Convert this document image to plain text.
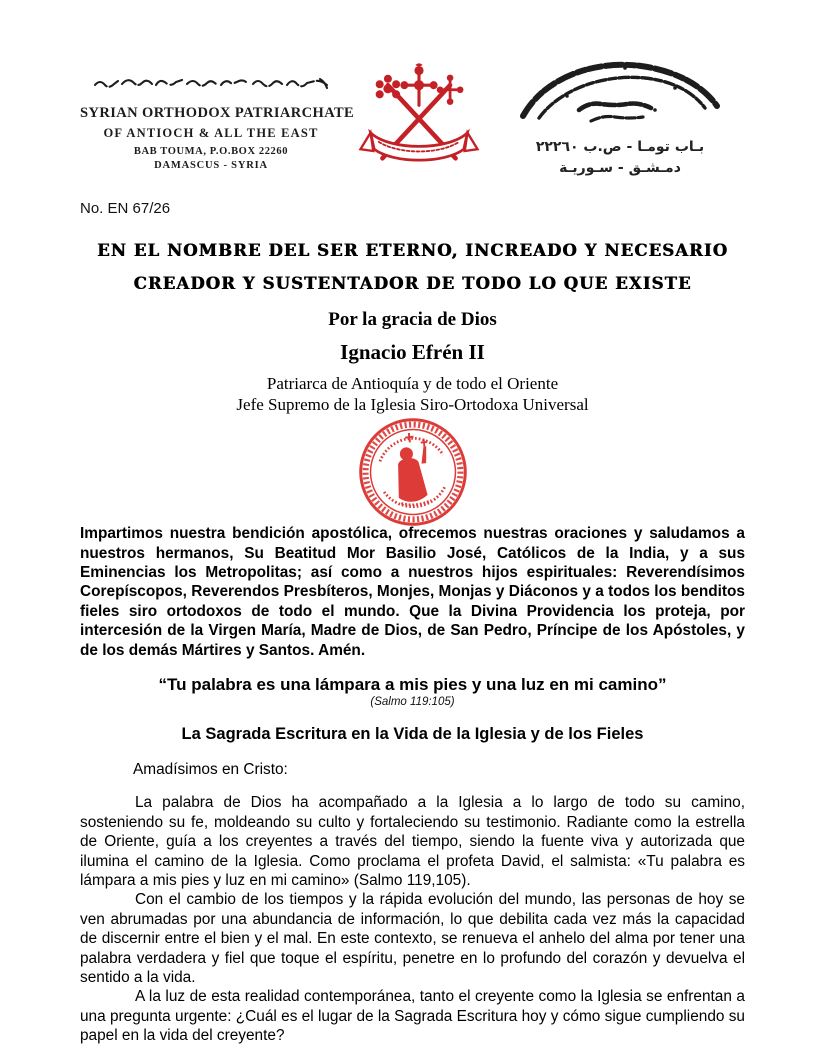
SYRIAN ORTHODOX PATRIARCHATE
OF ANTIOCH & ALL THE EAST
BAB TOUMA, P.O.BOX 22260
DAMASCUS - SYRIA
بـاب تومـا - ص.ب ٢٢٢٦٠
دمـشـق - سـوريـة
No. EN 67/26
EN EL NOMBRE DEL SER ETERNO, INCREADO Y NECESARIO
CREADOR Y SUSTENTADOR DE TODO LO QUE EXISTE
Por la gracia de Dios
Ignacio Efrén II
Patriarca de Antioquía y de todo el Oriente
Jefe Supremo de la Iglesia Siro-Ortodoxa Universal

Impartimos nuestra bendición apostólica, ofrecemos nuestras oraciones y saludamos a nuestros hermanos, Su Beatitud Mor Basilio José, Católicos de la India, y a sus Eminencias los Metropolitas; así como a nuestros hijos espirituales: Reverendísimos Corepíscopos, Reverendos Presbíteros, Monjes, Monjas y Diáconos y a todos los benditos fieles siro ortodoxos de todo el mundo. Que la Divina Providencia los proteja, por intercesión de la Virgen María, Madre de Dios, de San Pedro, Príncipe de los Apóstoles, y de los demás Mártires y Santos. Amén.

“Tu palabra es una lámpara a mis pies y una luz en mi camino”
(Salmo 119:105)
La Sagrada Escritura en la Vida de la Iglesia y de los Fieles
Amadísimos en Cristo:

La palabra de Dios ha acompañado a la Iglesia a lo largo de todo su camino, sosteniendo su fe, moldeando su culto y fortaleciendo su testimonio. Radiante como la estrella de Oriente, guía a los creyentes a través del tiempo, siendo la fuente viva y autorizada que ilumina el camino de la Iglesia. Como proclama el profeta David, el salmista: «Tu palabra es lámpara a mis pies y luz en mi camino» (Salmo 119,105).

Con el cambio de los tiempos y la rápida evolución del mundo, las personas de hoy se ven abrumadas por una abundancia de información, lo que debilita cada vez más la capacidad de discernir entre el bien y el mal. En este contexto, se renueva el anhelo del alma por tener una palabra verdadera y fiel que toque el espíritu, penetre en lo profundo del corazón y devuelva el sentido a la vida.

A la luz de esta realidad contemporánea, tanto el creyente como la Iglesia se enfrentan a una pregunta urgente: ¿Cuál es el lugar de la Sagrada Escritura hoy y cómo sigue cumpliendo su papel en la vida del creyente?
